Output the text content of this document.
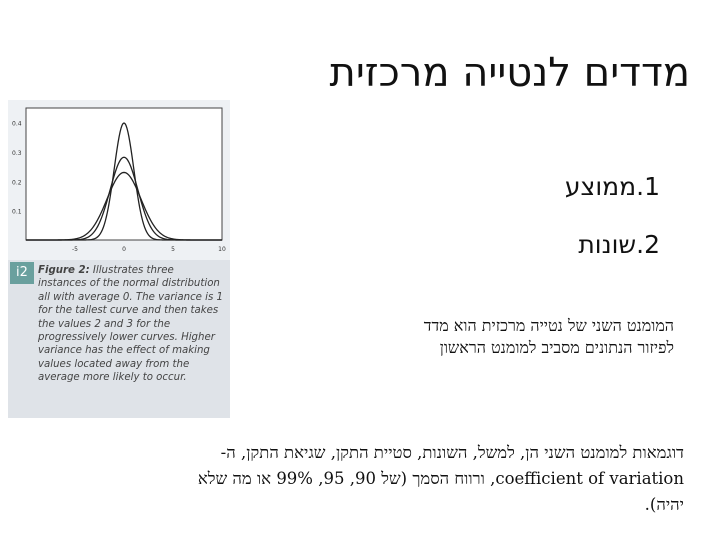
מדדים לנטייה מרכזית
0.4
0.3
0.2
0.1
-5	0	5	10
i2 Figure 2: Illustrates three instances of the normal distribution all with average 0. The variance is 1 for the tallest curve and then takes the values 2 and 3 for the progressively lower curves. Higher variance has the effect of making values located away from the average more likely to occur.
1.ממוצע
2.שונות
המומנט השני של נטייה מרכזית הוא מדד
לפיזור הנתונים מסביב למומנט הראשון
דוגמאות למומנט השני הן, למשל, השונות, סטיית התקן, שגיאת התקן, ה-
coefficient of variation, ורווח הסמך (של 90, 95, 99% או מה שלא
יהיה).
